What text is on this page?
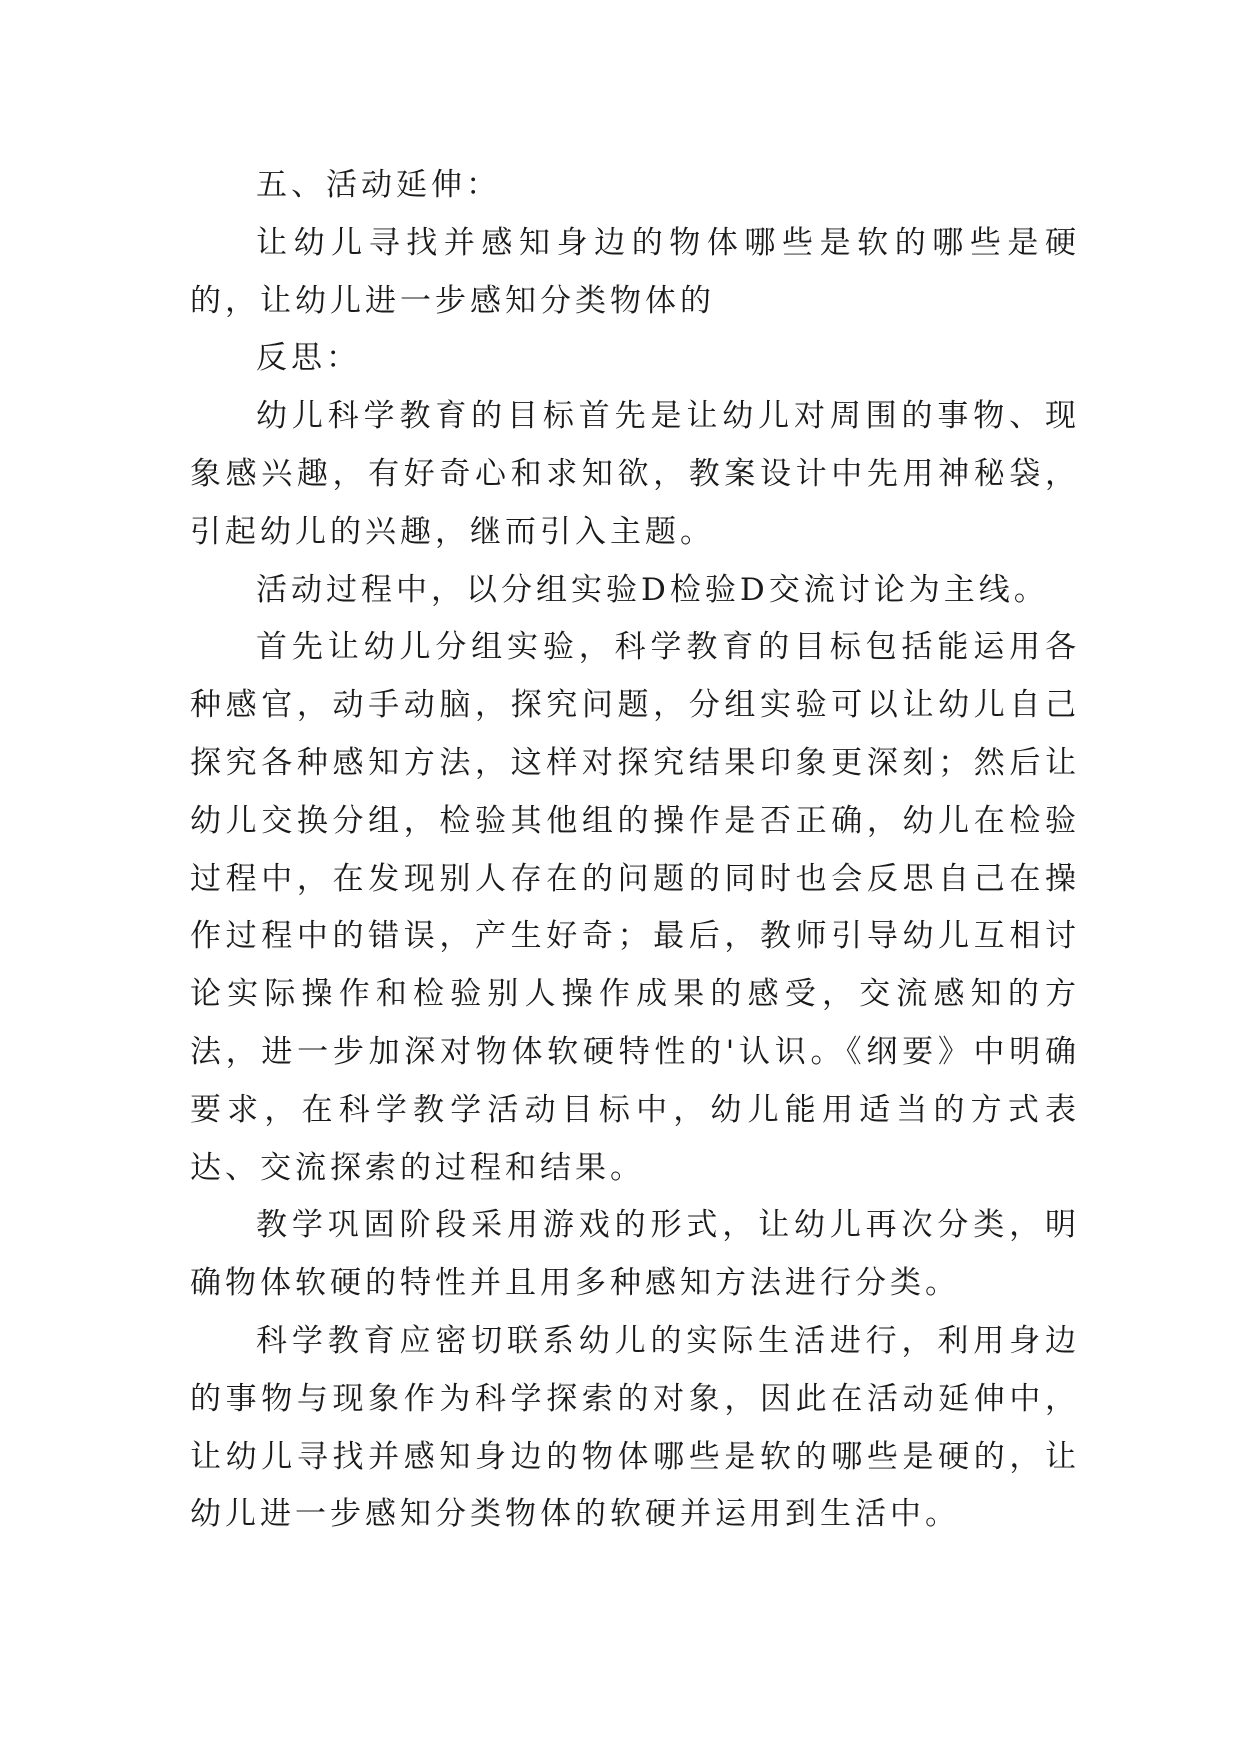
五、活动延伸：

让幼儿寻找并感知身边的物体哪些是软的哪些是硬的，让幼儿进一步感知分类物体的

反思：

幼儿科学教育的目标首先是让幼儿对周围的事物、现象感兴趣，有好奇心和求知欲，教案设计中先用神秘袋，引起幼儿的兴趣，继而引入主题。

活动过程中，以分组实验D检验D交流讨论为主线。

首先让幼儿分组实验，科学教育的目标包括能运用各种感官，动手动脑，探究问题，分组实验可以让幼儿自己探究各种感知方法，这样对探究结果印象更深刻；然后让幼儿交换分组，检验其他组的操作是否正确，幼儿在检验过程中，在发现别人存在的问题的同时也会反思自己在操作过程中的错误，产生好奇；最后，教师引导幼儿互相讨论实际操作和检验别人操作成果的感受，交流感知的方法，进一步加深对物体软硬特性的'认识。《纲要》中明确要求，在科学教学活动目标中，幼儿能用适当的方式表达、交流探索的过程和结果。

教学巩固阶段采用游戏的形式，让幼儿再次分类，明确物体软硬的特性并且用多种感知方法进行分类。

科学教育应密切联系幼儿的实际生活进行，利用身边的事物与现象作为科学探索的对象，因此在活动延伸中，让幼儿寻找并感知身边的物体哪些是软的哪些是硬的，让幼儿进一步感知分类物体的软硬并运用到生活中。
